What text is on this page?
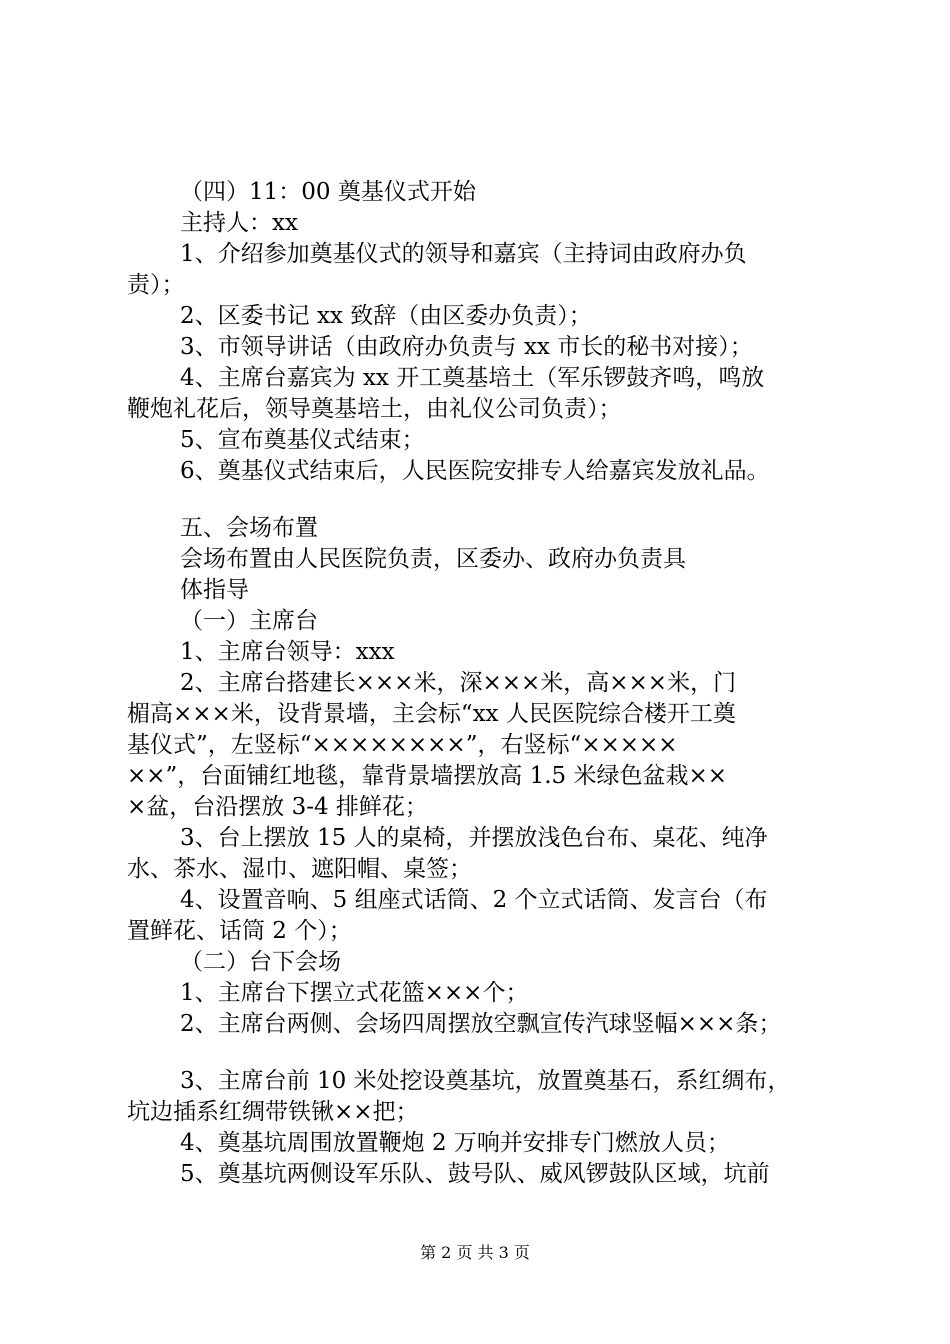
（四）11：00 奠基仪式开始
主持人：xx
1、介绍参加奠基仪式的领导和嘉宾（主持词由政府办负
责）；
2、区委书记 xx 致辞（由区委办负责）；
3、市领导讲话（由政府办负责与 xx 市长的秘书对接）；
4、主席台嘉宾为 xx 开工奠基培土（军乐锣鼓齐鸣，鸣放
鞭炮礼花后，领导奠基培土，由礼仪公司负责）；
5、宣布奠基仪式结束；
6、奠基仪式结束后，人民医院安排专人给嘉宾发放礼品。
五、会场布置
会场布置由人民医院负责，区委办、政府办负责具
体指导
（一）主席台
1、主席台领导：xxx
2、主席台搭建长×××米，深×××米，高×××米，门
楣高×××米，设背景墙，主会标“xx 人民医院综合楼开工奠
基仪式”，左竖标“××××××××”，右竖标“×××××
××”，台面铺红地毯，靠背景墙摆放高 1.5 米绿色盆栽××
×盆，台沿摆放 3-4 排鲜花；
3、台上摆放 15 人的桌椅，并摆放浅色台布、桌花、纯净
水、茶水、湿巾、遮阳帽、桌签；
4、设置音响、5 组座式话筒、2 个立式话筒、发言台（布
置鲜花、话筒 2 个）；
（二）台下会场
1、主席台下摆立式花篮×××个；
2、主席台两侧、会场四周摆放空飘宣传汽球竖幅×××条；
3、主席台前 10 米处挖设奠基坑，放置奠基石，系红绸布，
坑边插系红绸带铁锹××把；
4、奠基坑周围放置鞭炮 2 万响并安排专门燃放人员；
5、奠基坑两侧设军乐队、鼓号队、威风锣鼓队区域，坑前
第 2 页 共 3 页
